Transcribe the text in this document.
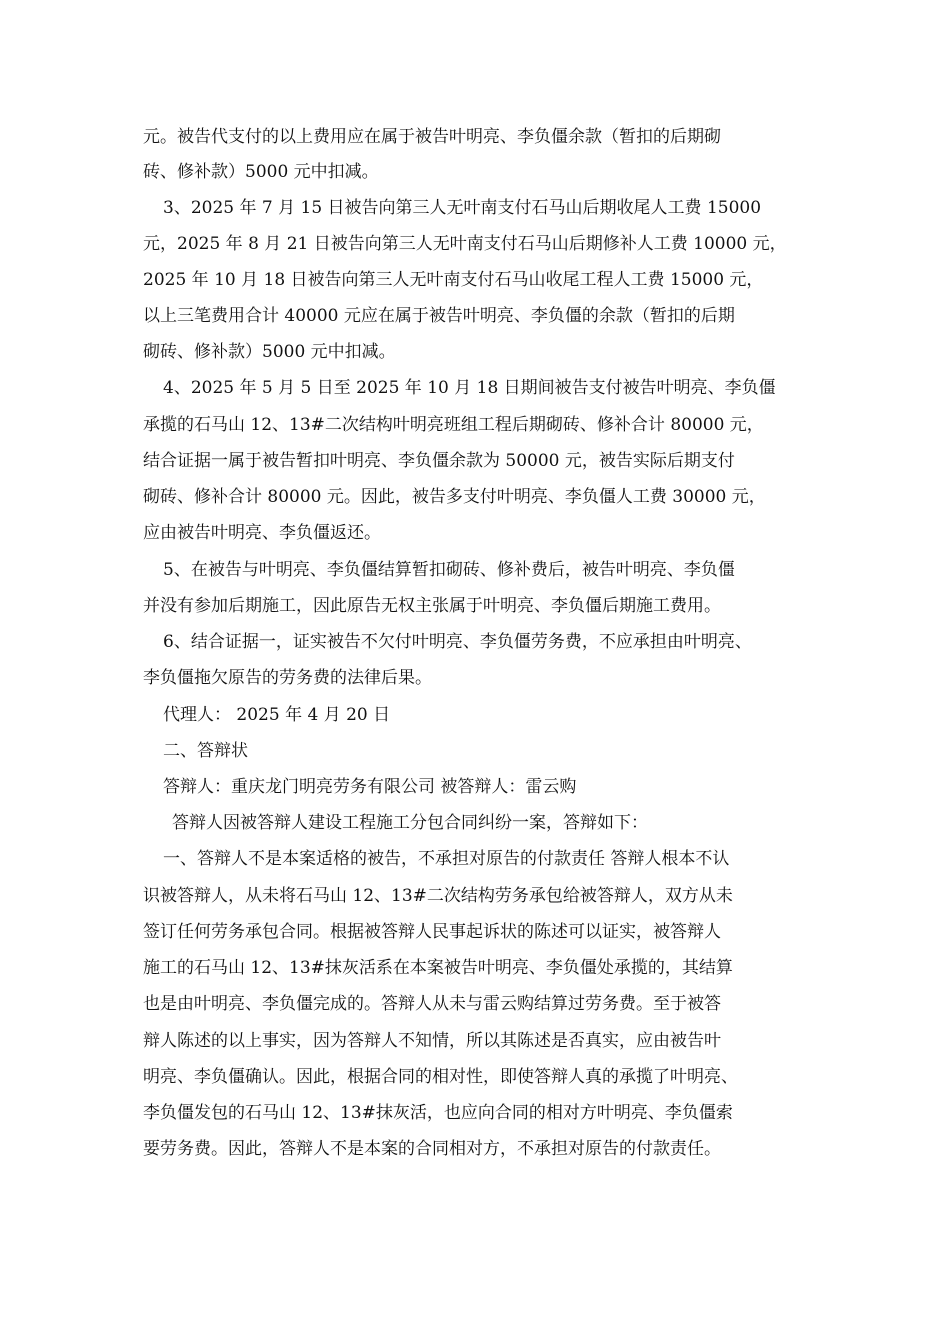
元。被告代支付的以上费用应在属于被告叶明亮、李负僵余款（暂扣的后期砌
砖、修补款）5000 元中扣减。
3、2025 年 7 月 15 日被告向第三人无叶南支付石马山后期收尾人工费 15000
元，2025 年 8 月 21 日被告向第三人无叶南支付石马山后期修补人工费 10000 元，
2025 年 10 月 18 日被告向第三人无叶南支付石马山收尾工程人工费 15000 元，
以上三笔费用合计 40000 元应在属于被告叶明亮、李负僵的余款（暂扣的后期
砌砖、修补款）5000 元中扣减。
4、2025 年 5 月 5 日至 2025 年 10 月 18 日期间被告支付被告叶明亮、李负僵
承揽的石马山 12、13#二次结构叶明亮班组工程后期砌砖、修补合计 80000 元，
结合证据一属于被告暂扣叶明亮、李负僵余款为 50000 元，被告实际后期支付
砌砖、修补合计 80000 元。因此，被告多支付叶明亮、李负僵人工费 30000 元，
应由被告叶明亮、李负僵返还。
5、在被告与叶明亮、李负僵结算暂扣砌砖、修补费后，被告叶明亮、李负僵
并没有参加后期施工，因此原告无权主张属于叶明亮、李负僵后期施工费用。
6、结合证据一，证实被告不欠付叶明亮、李负僵劳务费，不应承担由叶明亮、
李负僵拖欠原告的劳务费的法律后果。
代理人： 2025 年 4 月 20 日
二、答辩状
答辩人：重庆龙门明亮劳务有限公司 被答辩人：雷云购
答辩人因被答辩人建设工程施工分包合同纠纷一案，答辩如下：
一、答辩人不是本案适格的被告，不承担对原告的付款责任 答辩人根本不认
识被答辩人，从未将石马山 12、13#二次结构劳务承包给被答辩人，双方从未
签订任何劳务承包合同。根据被答辩人民事起诉状的陈述可以证实，被答辩人
施工的石马山 12、13#抹灰活系在本案被告叶明亮、李负僵处承揽的，其结算
也是由叶明亮、李负僵完成的。答辩人从未与雷云购结算过劳务费。至于被答
辩人陈述的以上事实，因为答辩人不知情，所以其陈述是否真实，应由被告叶
明亮、李负僵确认。因此，根据合同的相对性，即使答辩人真的承揽了叶明亮、
李负僵发包的石马山 12、13#抹灰活，也应向合同的相对方叶明亮、李负僵索
要劳务费。因此，答辩人不是本案的合同相对方，不承担对原告的付款责任。
